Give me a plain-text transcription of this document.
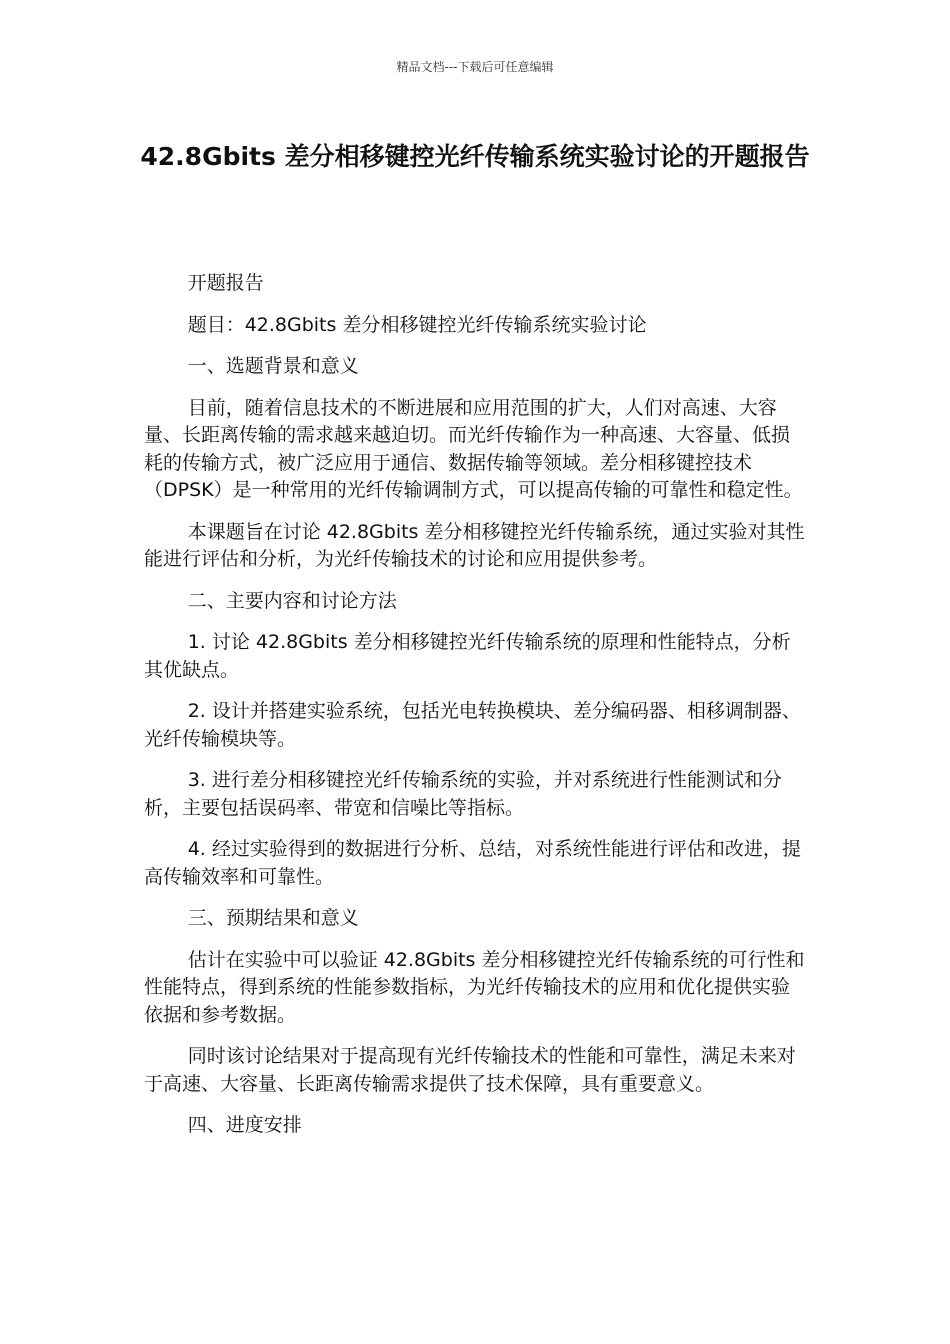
精品文档---下载后可任意编辑
42.8Gbits 差分相移键控光纤传输系统实验讨论的开题报告

开题报告

题目：42.8Gbits 差分相移键控光纤传输系统实验讨论

一、选题背景和意义

目前，随着信息技术的不断进展和应用范围的扩大，人们对高速、大容量、长距离传输的需求越来越迫切。而光纤传输作为一种高速、大容量、低损耗的传输方式，被广泛应用于通信、数据传输等领域。差分相移键控技术（DPSK）是一种常用的光纤传输调制方式，可以提高传输的可靠性和稳定性。

本课题旨在讨论 42.8Gbits 差分相移键控光纤传输系统，通过实验对其性能进行评估和分析，为光纤传输技术的讨论和应用提供参考。

二、主要内容和讨论方法

1. 讨论 42.8Gbits 差分相移键控光纤传输系统的原理和性能特点，分析其优缺点。

2. 设计并搭建实验系统，包括光电转换模块、差分编码器、相移调制器、光纤传输模块等。

3. 进行差分相移键控光纤传输系统的实验，并对系统进行性能测试和分析，主要包括误码率、带宽和信噪比等指标。

4. 经过实验得到的数据进行分析、总结，对系统性能进行评估和改进，提高传输效率和可靠性。

三、预期结果和意义

估计在实验中可以验证 42.8Gbits 差分相移键控光纤传输系统的可行性和性能特点，得到系统的性能参数指标，为光纤传输技术的应用和优化提供实验依据和参考数据。

同时该讨论结果对于提高现有光纤传输技术的性能和可靠性，满足未来对于高速、大容量、长距离传输需求提供了技术保障，具有重要意义。

四、进度安排
